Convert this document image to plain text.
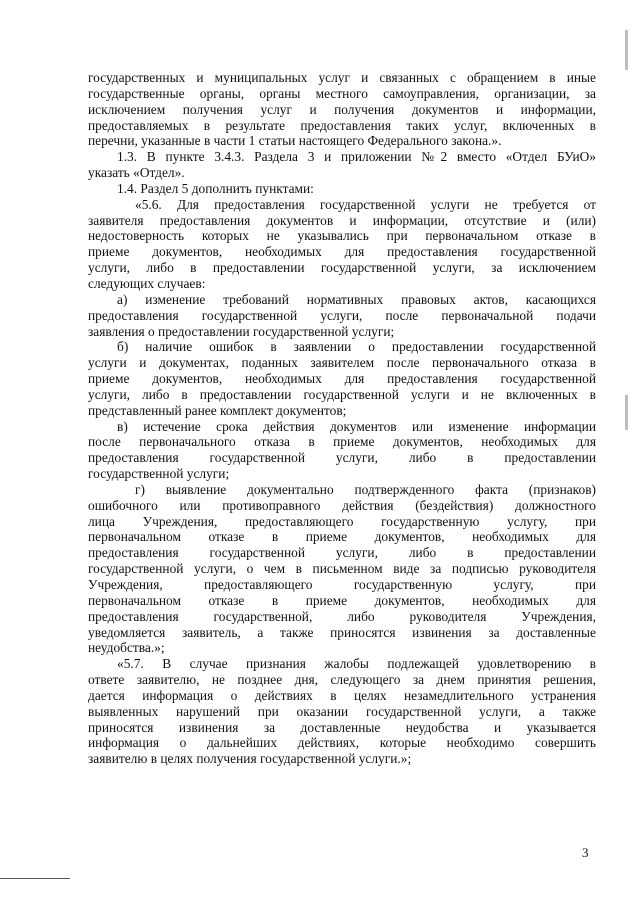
государственных и муниципальных услуг и связанных с обращением в иные
государственные органы, органы местного самоуправления, организации, за
исключением получения услуг и получения документов и информации,
предоставляемых в результате предоставления таких услуг, включенных в
перечни, указанные в части 1 статьи настоящего Федерального закона.».
1.3. В пункте 3.4.3. Раздела 3 и приложении №2 вместо «Отдел БУиО»
указать «Отдел».
1.4. Раздел 5 дополнить пунктами:
«5.6. Для предоставления государственной услуги не требуется от
заявителя предоставления документов и информации, отсутствие и (или)
недостоверность которых не указывались при первоначальном отказе в
приеме документов, необходимых для предоставления государственной
услуги, либо в предоставлении государственной услуги, за исключением
следующих случаев:
а) изменение требований нормативных правовых актов, касающихся
предоставления государственной услуги, после первоначальной подачи
заявления о предоставлении государственной услуги;
б) наличие ошибок в заявлении о предоставлении государственной
услуги и документах, поданных заявителем после первоначального отказа в
приеме документов, необходимых для предоставления государственной
услуги, либо в предоставлении государственной услуги и не включенных в
представленный ранее комплект документов;
в) истечение срока действия документов или изменение информации
после первоначального отказа в приеме документов, необходимых для
предоставления государственной услуги, либо в предоставлении
государственной услуги;
г) выявление документально подтвержденного факта (признаков)
ошибочного или противоправного действия (бездействия) должностного
лица Учреждения, предоставляющего государственную услугу, при
первоначальном отказе в приеме документов, необходимых для
предоставления государственной услуги, либо в предоставлении
государственной услуги, о чем в письменном виде за подписью руководителя
Учреждения, предоставляющего государственную услугу, при
первоначальном отказе в приеме документов, необходимых для
предоставления государственной, либо руководителя Учреждения,
уведомляется заявитель, а также приносятся извинения за доставленные
неудобства.»;
«5.7. В случае признания жалобы подлежащей удовлетворению в
ответе заявителю, не позднее дня, следующего за днем принятия решения,
дается информация о действиях в целях незамедлительного устранения
выявленных нарушений при оказании государственной услуги, а также
приносятся извинения за доставленные неудобства и указывается
информация о дальнейших действиях, которые необходимо совершить
заявителю в целях получения государственной услуги.»;
3
